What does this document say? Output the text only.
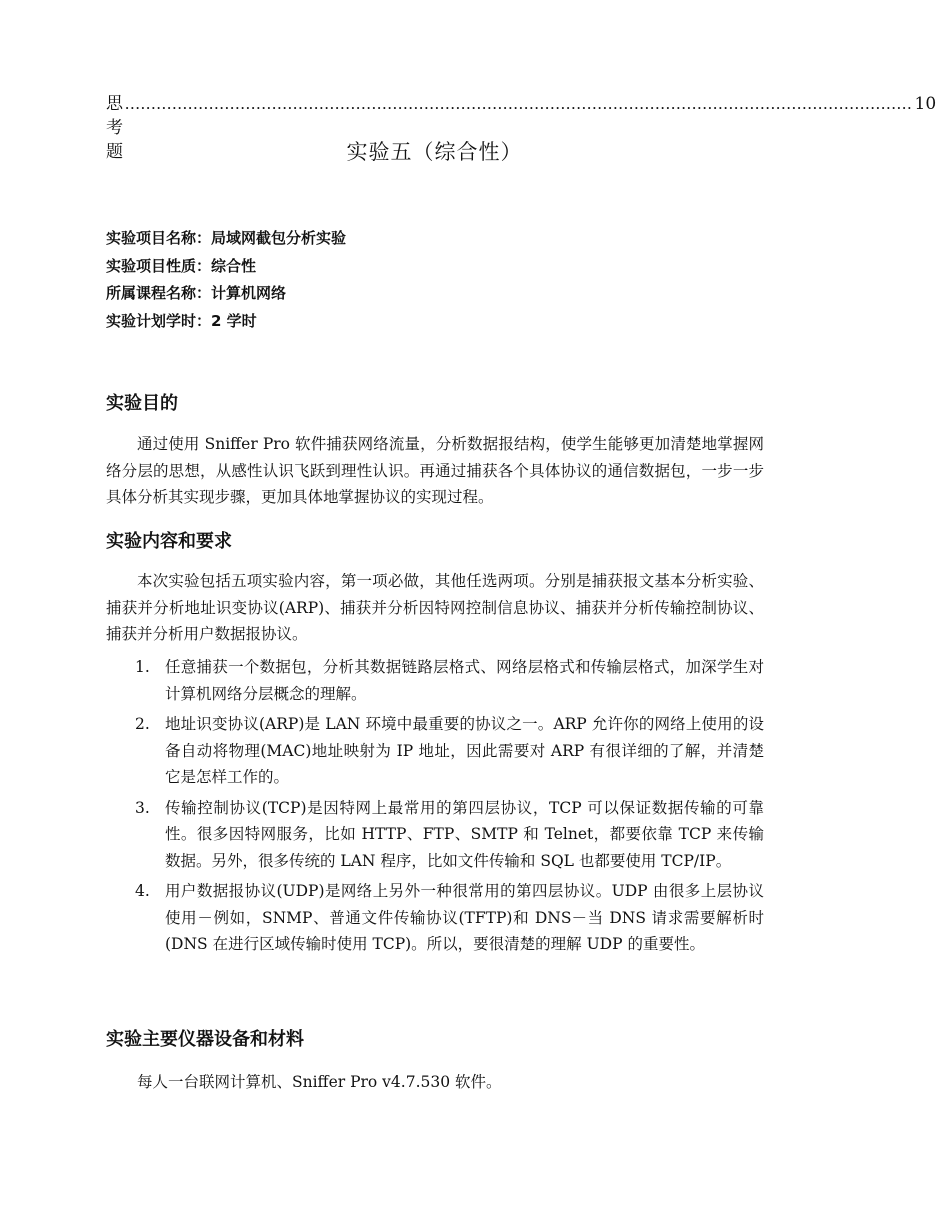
思考题
...................................................................................................................................................... 10
实验五（综合性）
实验项目名称：局域网截包分析实验
实验项目性质：综合性
所属课程名称：计算机网络
实验计划学时：2 学时
实验目的
通过使用 Sniffer Pro 软件捕获网络流量，分析数据报结构，使学生能够更加清楚地掌握网络分层的思想，从感性认识飞跃到理性认识。再通过捕获各个具体协议的通信数据包，一步一步具体分析其实现步骤，更加具体地掌握协议的实现过程。
实验内容和要求
本次实验包括五项实验内容，第一项必做，其他任选两项。分别是捕获报文基本分析实验、捕获并分析地址识变协议(ARP)、捕获并分析因特网控制信息协议、捕获并分析传输控制协议、捕获并分析用户数据报协议。
1. 任意捕获一个数据包，分析其数据链路层格式、网络层格式和传输层格式，加深学生对计算机网络分层概念的理解。
2. 地址识变协议(ARP)是 LAN 环境中最重要的协议之一。ARP 允许你的网络上使用的设备自动将物理(MAC)地址映射为 IP 地址，因此需要对 ARP 有很详细的了解，并清楚它是怎样工作的。
3. 传输控制协议(TCP)是因特网上最常用的第四层协议，TCP 可以保证数据传输的可靠性。很多因特网服务，比如 HTTP、FTP、SMTP 和 Telnet，都要依靠 TCP 来传输数据。另外，很多传统的 LAN 程序，比如文件传输和 SQL 也都要使用 TCP/IP。
4. 用户数据报协议(UDP)是网络上另外一种很常用的第四层协议。UDP 由很多上层协议使用－例如，SNMP、普通文件传输协议(TFTP)和 DNS－当 DNS 请求需要解析时(DNS 在进行区域传输时使用 TCP)。所以，要很清楚的理解 UDP 的重要性。
实验主要仪器设备和材料
每人一台联网计算机、Sniffer Pro v4.7.530 软件。
